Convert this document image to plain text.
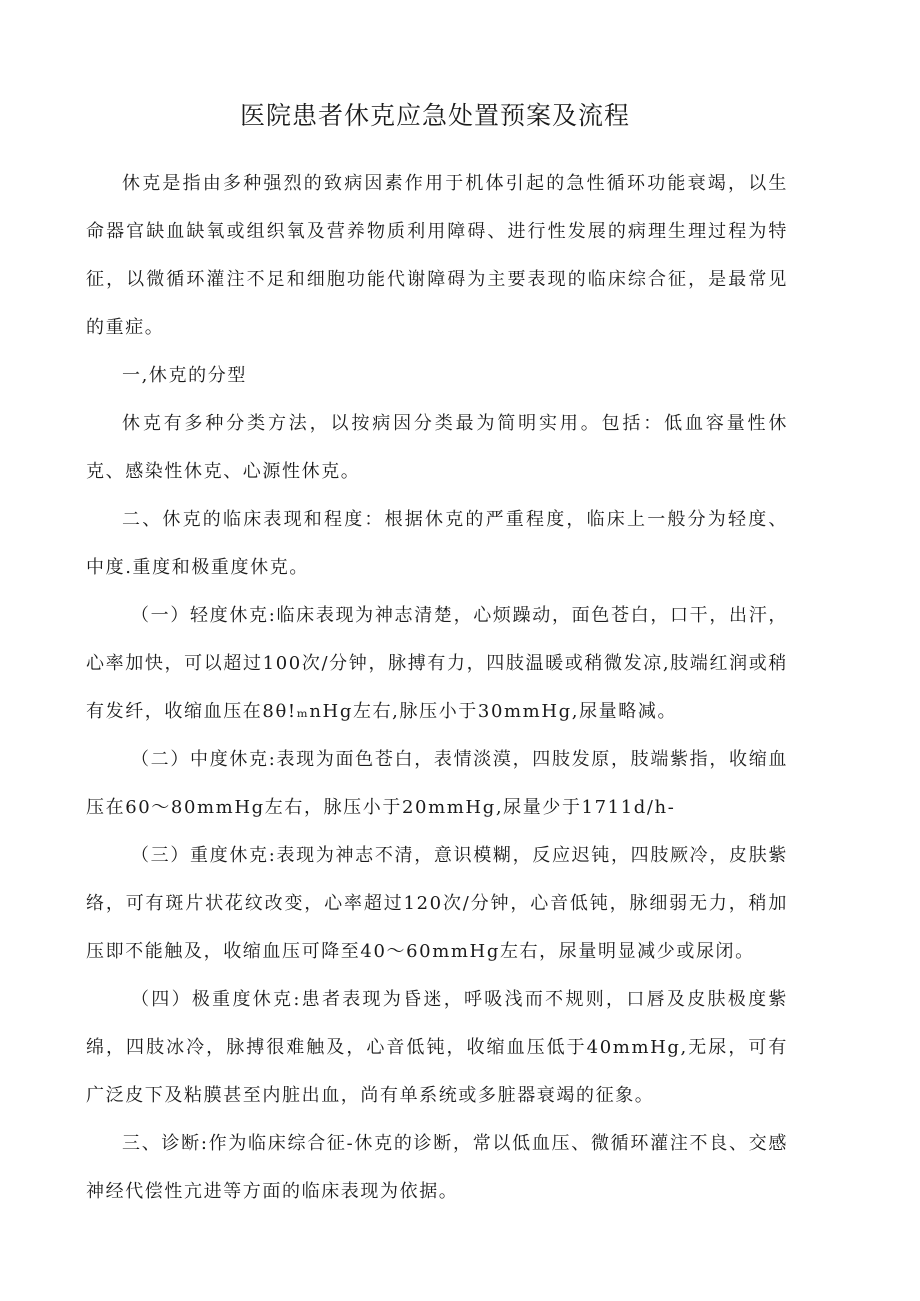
医院患者休克应急处置预案及流程

休克是指由多种强烈的致病因素作用于机体引起的急性循环功能衰竭，以生命器官缺血缺氧或组织氧及营养物质利用障碍、进行性发展的病理生理过程为特征，以微循环灌注不足和细胞功能代谢障碍为主要表现的临床综合征，是最常见的重症。

一,休克的分型

休克有多种分类方法，以按病因分类最为简明实用。包括：低血容量性休克、感染性休克、心源性休克。

二、休克的临床表现和程度：根据休克的严重程度，临床上一般分为轻度、中度.重度和极重度休克。

（一）轻度休克:临床表现为神志清楚，心烦躁动，面色苍白，口干，出汗，心率加快，可以超过100次/分钟，脉搏有力，四肢温暖或稍微发凉,肢端红润或稍有发纤，收缩血压在8θ!ₘnHg左右,脉压小于30mmHg,尿量略减。

（二）中度休克:表现为面色苍白，表情淡漠，四肢发原，肢端紫指，收缩血压在60～80mmHg左右，脉压小于20mmHg,尿量少于1711d/h-

（三）重度休克:表现为神志不清，意识模糊，反应迟钝，四肢厥冷，皮肤紫络，可有斑片状花纹改变，心率超过120次/分钟，心音低钝，脉细弱无力，稍加压即不能触及，收缩血压可降至40～60mmHg左右，尿量明显减少或尿闭。

（四）极重度休克:患者表现为昏迷，呼吸浅而不规则，口唇及皮肤极度紫绵，四肢冰冷，脉搏很难触及，心音低钝，收缩血压低于40mmHg,无尿，可有广泛皮下及粘膜甚至内脏出血，尚有单系统或多脏器衰竭的征象。

三、诊断:作为临床综合征-休克的诊断，常以低血压、微循环灌注不良、交感神经代偿性亢进等方面的临床表现为依据。
